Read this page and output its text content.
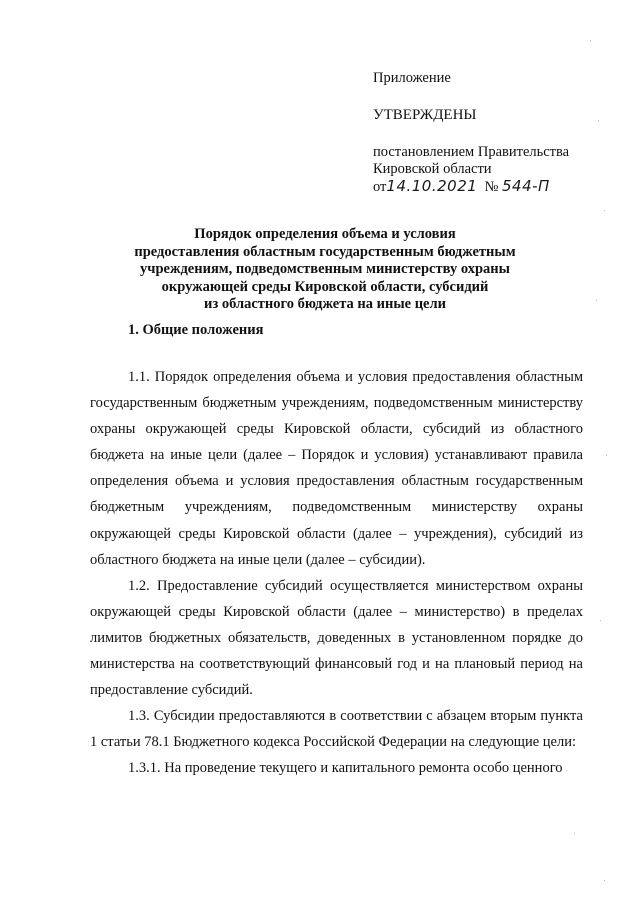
Приложение
УТВЕРЖДЕНЫ
постановлением Правительства
Кировской области
от14.10.2021 № 544-П
Порядок определения объема и условия
предоставления областным государственным бюджетным
учреждениям, подведомственным министерству охраны
окружающей среды Кировской области, субсидий
из областного бюджета на иные цели
1. Общие положения

1.1. Порядок определения объема и условия предоставления областным государственным бюджетным учреждениям, подведомственным министерству охраны окружающей среды Кировской области, субсидий из областного бюджета на иные цели (далее – Порядок и условия) устанавливают правила определения объема и условия предоставления областным государственным бюджетным учреждениям, подведомственным министерству охраны окружающей среды Кировской области (далее – учреждения), субсидий из областного бюджета на иные цели (далее – субсидии).

1.2. Предоставление субсидий осуществляется министерством охраны окружающей среды Кировской области (далее – министерство) в пределах лимитов бюджетных обязательств, доведенных в установленном порядке до министерства на соответствующий финансовый год и на плановый период на предоставление субсидий.

1.3. Субсидии предоставляются в соответствии с абзацем вторым пункта 1 статьи 78.1 Бюджетного кодекса Российской Федерации на следующие цели:

1.3.1. На проведение текущего и капитального ремонта особо ценного
